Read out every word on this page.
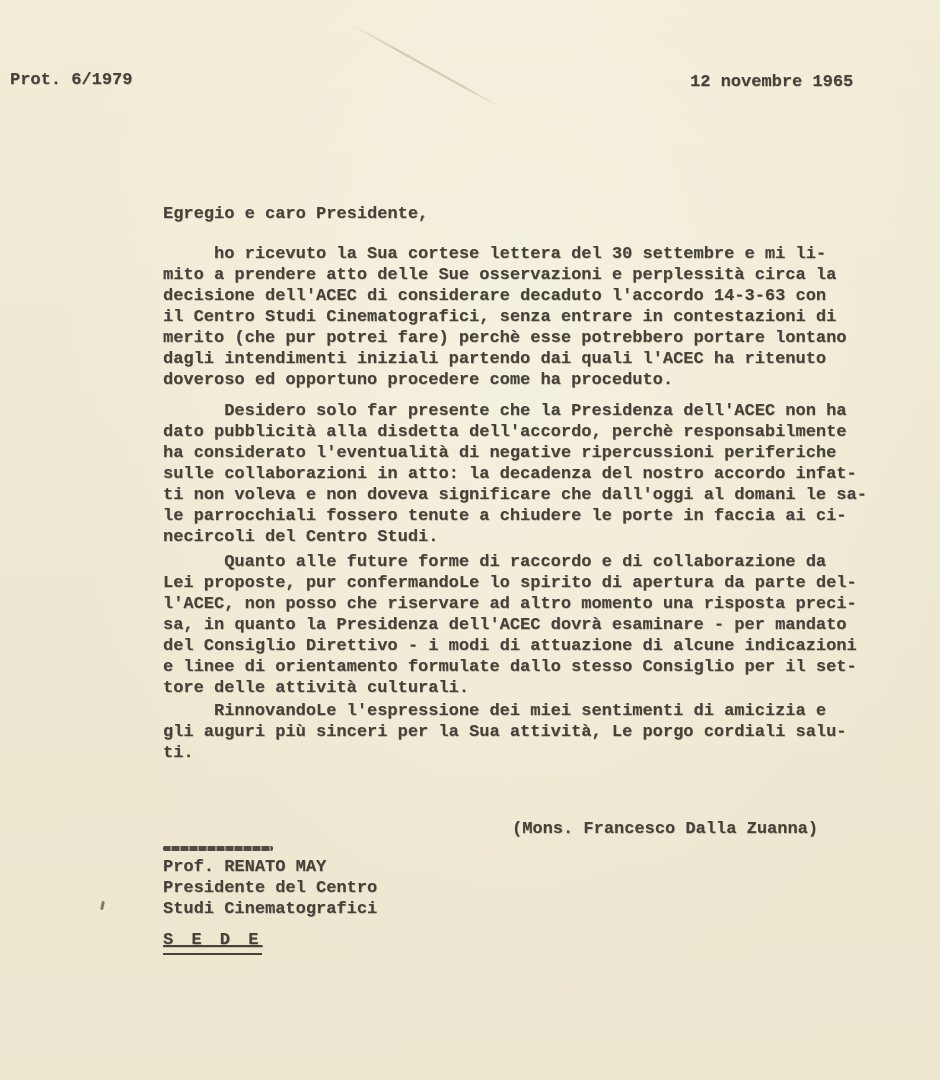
Prot. 6/1979	12 novembre 1965
Egregio e caro Presidente,
ho ricevuto la Sua cortese lettera del 30 settembre e mi li-
mito a prendere atto delle Sue osservazioni e perplessità circa la
decisione dell'ACEC di considerare decaduto l'accordo 14-3-63 con
il Centro Studi Cinematografici, senza entrare in contestazioni di
merito (che pur potrei fare) perchè esse potrebbero portare lontano
dagli intendimenti iniziali partendo dai quali l'ACEC ha ritenuto
doveroso ed opportuno procedere come ha proceduto.
Desidero solo far presente che la Presidenza dell'ACEC non ha
dato pubblicità alla disdetta dell'accordo, perchè responsabilmente
ha considerato l'eventualità di negative ripercussioni periferiche
sulle collaborazioni in atto: la decadenza del nostro accordo infat-
ti non voleva e non doveva significare che dall'oggi al domani le sa-
le parrocchiali fossero tenute a chiudere le porte in faccia ai ci-
necircoli del Centro Studi.
Quanto alle future forme di raccordo e di collaborazione da
Lei proposte, pur confermandoLe lo spirito di apertura da parte del-
l'ACEC, non posso che riservare ad altro momento una risposta preci-
sa, in quanto la Presidenza dell'ACEC dovrà esaminare - per mandato
del Consiglio Direttivo - i modi di attuazione di alcune indicazioni
e linee di orientamento formulate dallo stesso Consiglio per il set-
tore delle attività culturali.
RinnovandoLe l'espressione dei miei sentimenti di amicizia e
gli auguri più sinceri per la Sua attività, Le porgo cordiali salu-
ti.
(Mons. Francesco Dalla Zuanna)
Prof. RENATO MAY
Presidente del Centro
Studi Cinematografici
S E D E
